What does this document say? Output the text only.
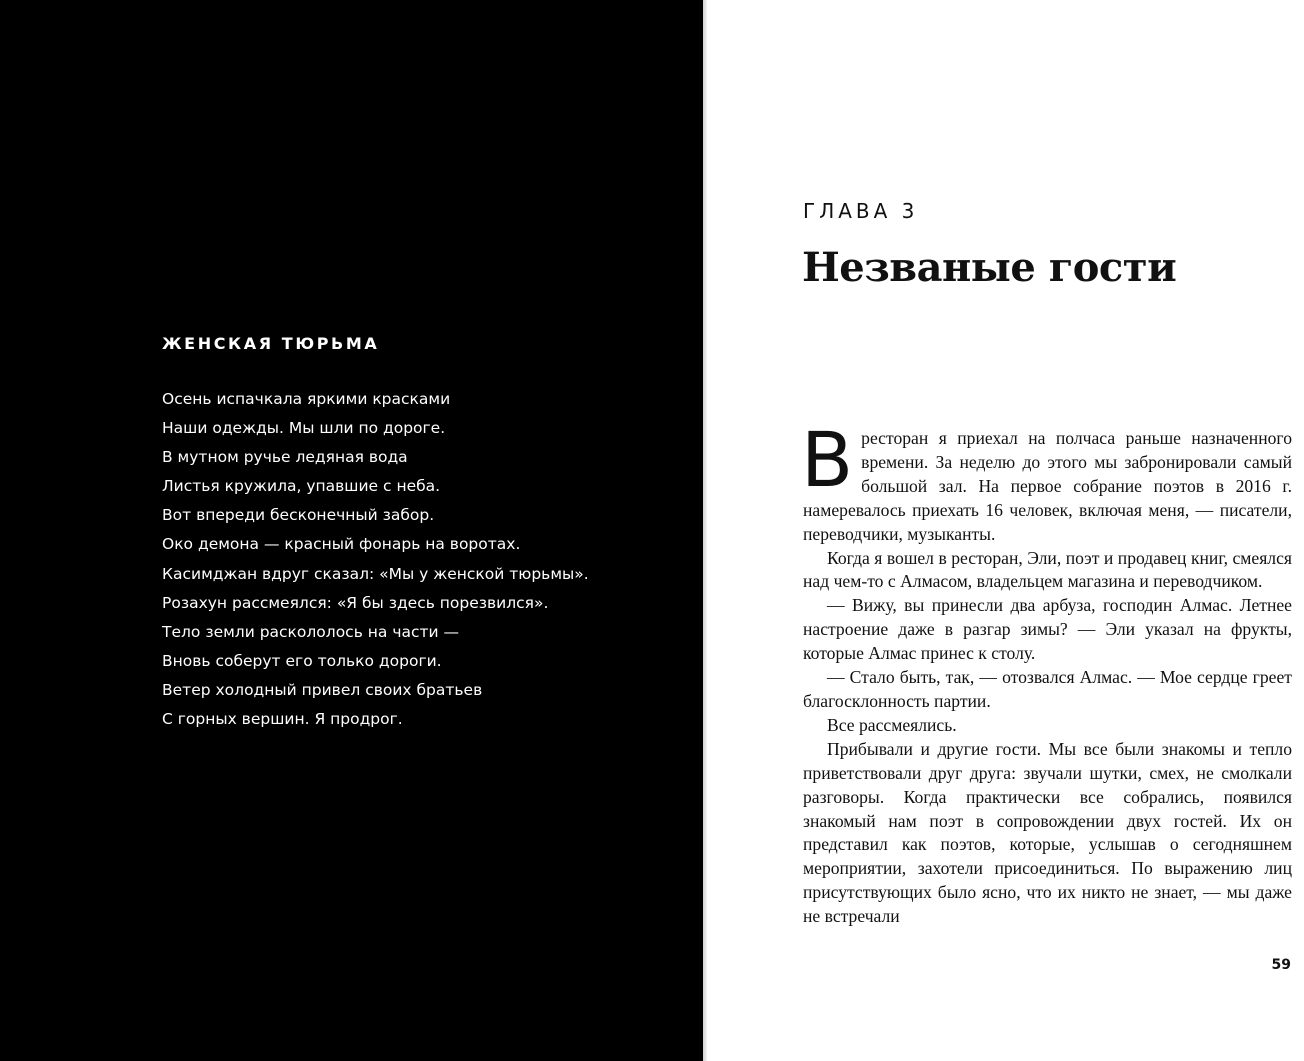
ЖЕНСКАЯ ТЮРЬМА
Осень испачкала яркими красками
Наши одежды. Мы шли по дороге.
В мутном ручье ледяная вода
Листья кружила, упавшие с неба.
Вот впереди бесконечный забор.
Око демона — красный фонарь на воротах.
Касимджан вдруг сказал: «Мы у женской тюрьмы».
Розахун рассмеялся: «Я бы здесь порезвился».
Тело земли раскололось на части —
Вновь соберут его только дороги.
Ветер холодный привел своих братьев
С горных вершин. Я продрог.
ГЛАВА 3
Незваные гости

Вресторан я приехал на полчаса раньше назначенного времени. За неделю до этого мы забронировали самый большой зал. На первое собрание поэтов в 2016 г. намеревалось приехать 16 человек, включая меня, — писатели, переводчики, музыканты.

Когда я вошел в ресторан, Эли, поэт и продавец книг, смеялся над чем-то с Алмасом, владельцем магазина и переводчиком.

— Вижу, вы принесли два арбуза, господин Алмас. Летнее настроение даже в разгар зимы? — Эли указал на фрукты, которые Алмас принес к столу.

— Стало быть, так, — отозвался Алмас. — Мое сердце греет благосклонность партии.

Все рассмеялись.

Прибывали и другие гости. Мы все были знакомы и тепло приветствовали друг друга: звучали шутки, смех, не смолкали разговоры. Когда практически все собрались, появился знакомый нам поэт в сопровождении двух гостей. Их он представил как поэтов, которые, услышав о сегодняшнем мероприятии, захотели присоединиться. По выражению лиц присутствующих было ясно, что их никто не знает, — мы даже не встречали

59
